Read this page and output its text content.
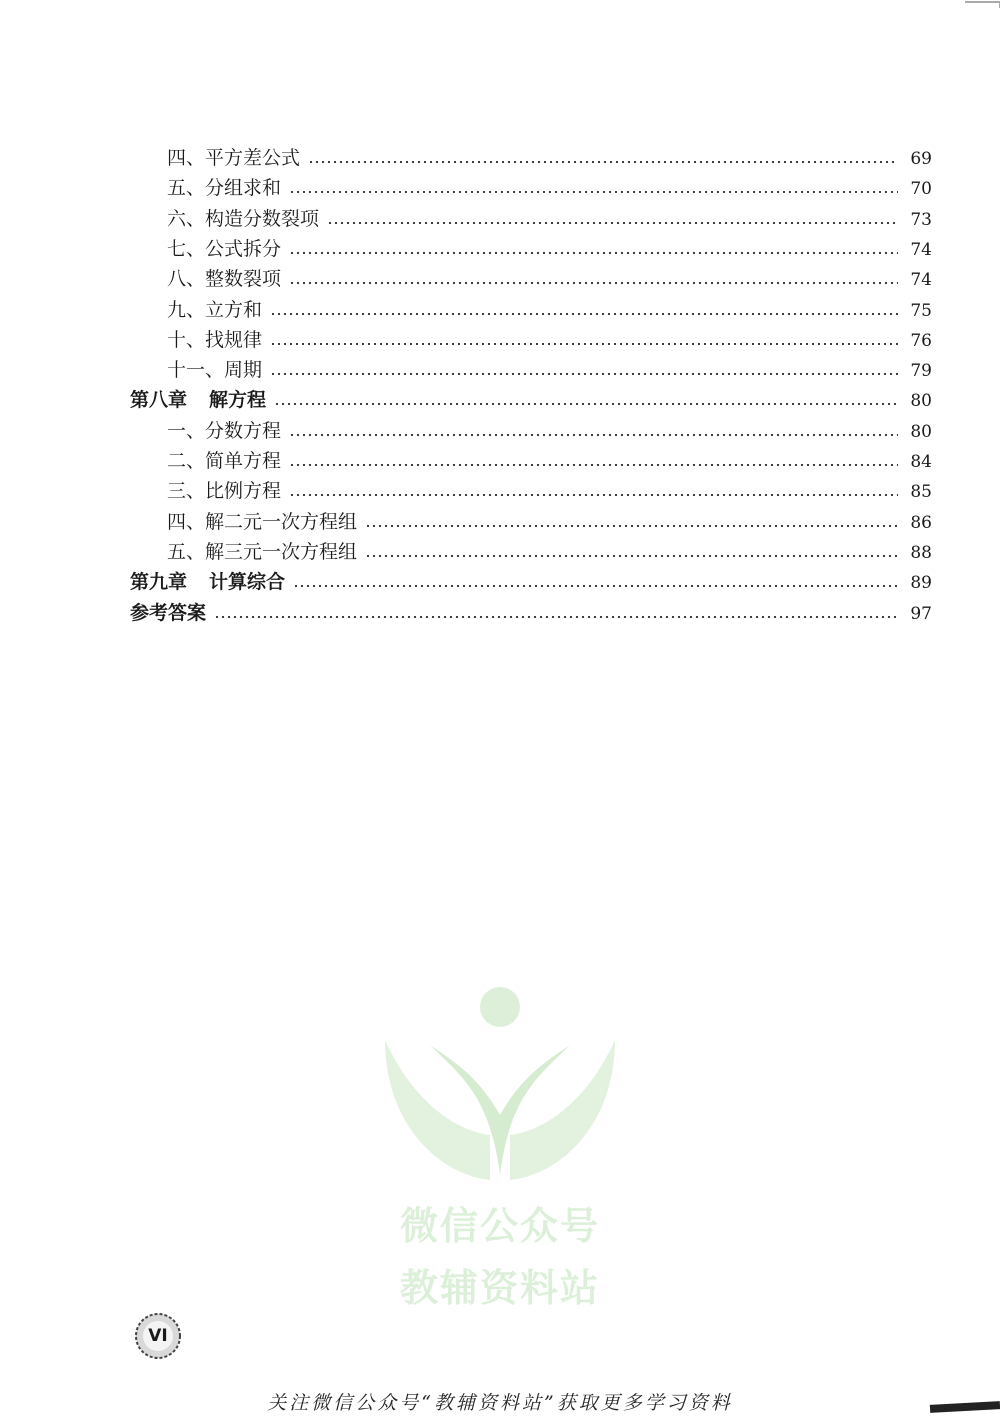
四、平方差公式	69
五、分组求和	70
六、构造分数裂项	73
七、公式拆分	74
八、整数裂项	74
九、立方和	75
十、找规律	76
十一、周期	79
第八章 解方程	80
一、分数方程	80
二、简单方程	84
三、比例方程	85
四、解二元一次方程组	86
五、解三元一次方程组	88
第九章 计算综合	89
参考答案	97
微信公众号
教辅资料站
VI
关注微信公众号“教辅资料站”获取更多学习资料
